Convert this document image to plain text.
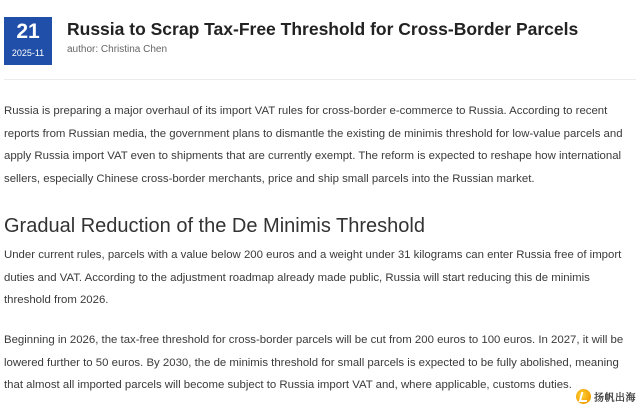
21
2025-11
Russia to Scrap Tax-Free Threshold for Cross-Border Parcels
author: Christina Chen

Russia is preparing a major overhaul of its import VAT rules for cross-border e-commerce to Russia. According to recent reports from Russian media, the government plans to dismantle the existing de minimis threshold for low-value parcels and apply Russia import VAT even to shipments that are currently exempt. The reform is expected to reshape how international sellers, especially Chinese cross-border merchants, price and ship small parcels into the Russian market.

Gradual Reduction of the De Minimis Threshold

Under current rules, parcels with a value below 200 euros and a weight under 31 kilograms can enter Russia free of import duties and VAT. According to the adjustment roadmap already made public, Russia will start reducing this de minimis threshold from 2026.

Beginning in 2026, the tax-free threshold for cross-border parcels will be cut from 200 euros to 100 euros. In 2027, it will be lowered further to 50 euros. By 2030, the de minimis threshold for small parcels is expected to be fully abolished, meaning that almost all imported parcels will become subject to Russia import VAT and, where applicable, customs duties.

扬帆出海
